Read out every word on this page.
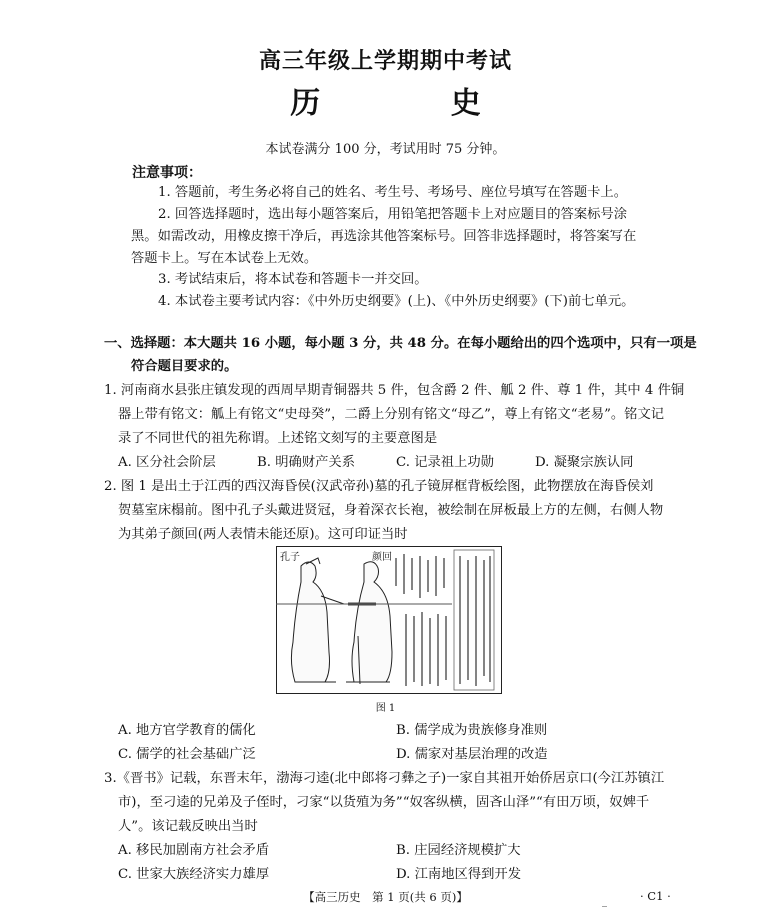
高三年级上学期期中考试
历 史
本试卷满分 100 分，考试用时 75 分钟。
注意事项：
1. 答题前，考生务必将自己的姓名、考生号、考场号、座位号填写在答题卡上。
2. 回答选择题时，选出每小题答案后，用铅笔把答题卡上对应题目的答案标号涂
黑。如需改动，用橡皮擦干净后，再选涂其他答案标号。回答非选择题时，将答案写在
答题卡上。写在本试卷上无效。
3. 考试结束后，将本试卷和答题卡一并交回。
4. 本试卷主要考试内容：《中外历史纲要》(上)、《中外历史纲要》(下)前七单元。
一、选择题：本大题共 16 小题，每小题 3 分，共 48 分。在每小题给出的四个选项中，只有一项是
符合题目要求的。
1. 河南商水县张庄镇发现的西周早期青铜器共 5 件，包含爵 2 件、觚 2 件、尊 1 件，其中 4 件铜
器上带有铭文：觚上有铭文“史母癸”，二爵上分别有铭文“母乙”，尊上有铭文“老易”。铭文记
录了不同世代的祖先称谓。上述铭文刻写的主要意图是
A. 区分社会阶层	B. 明确财产关系	C. 记录祖上功勋	D. 凝聚宗族认同
2. 图 1 是出土于江西的西汉海昏侯(汉武帝孙)墓的孔子镜屏框背板绘图，此物摆放在海昏侯刘
贺墓室床榻前。图中孔子头戴进贤冠，身着深衣长袍，被绘制在屏板最上方的左侧，右侧人物
为其弟子颜回(两人表情未能还原)。这可印证当时
孔子	颜回
图 1
A. 地方官学教育的儒化	B. 儒学成为贵族修身准则
C. 儒学的社会基础广泛	D. 儒家对基层治理的改造
3.《晋书》记载，东晋末年，渤海刁逵(北中郎将刁彝之子)一家自其祖开始侨居京口(今江苏镇江
市)，至刁逵的兄弟及子侄时，刁家“以货殖为务”“奴客纵横，固吝山泽”“有田万顷，奴婢千
人”。该记载反映出当时
A. 移民加剧南方社会矛盾	B. 庄园经济规模扩大
C. 世家大族经济实力雄厚	D. 江南地区得到开发
【高三历史　第 1 页(共 6 页)】	_	· C1 ·
